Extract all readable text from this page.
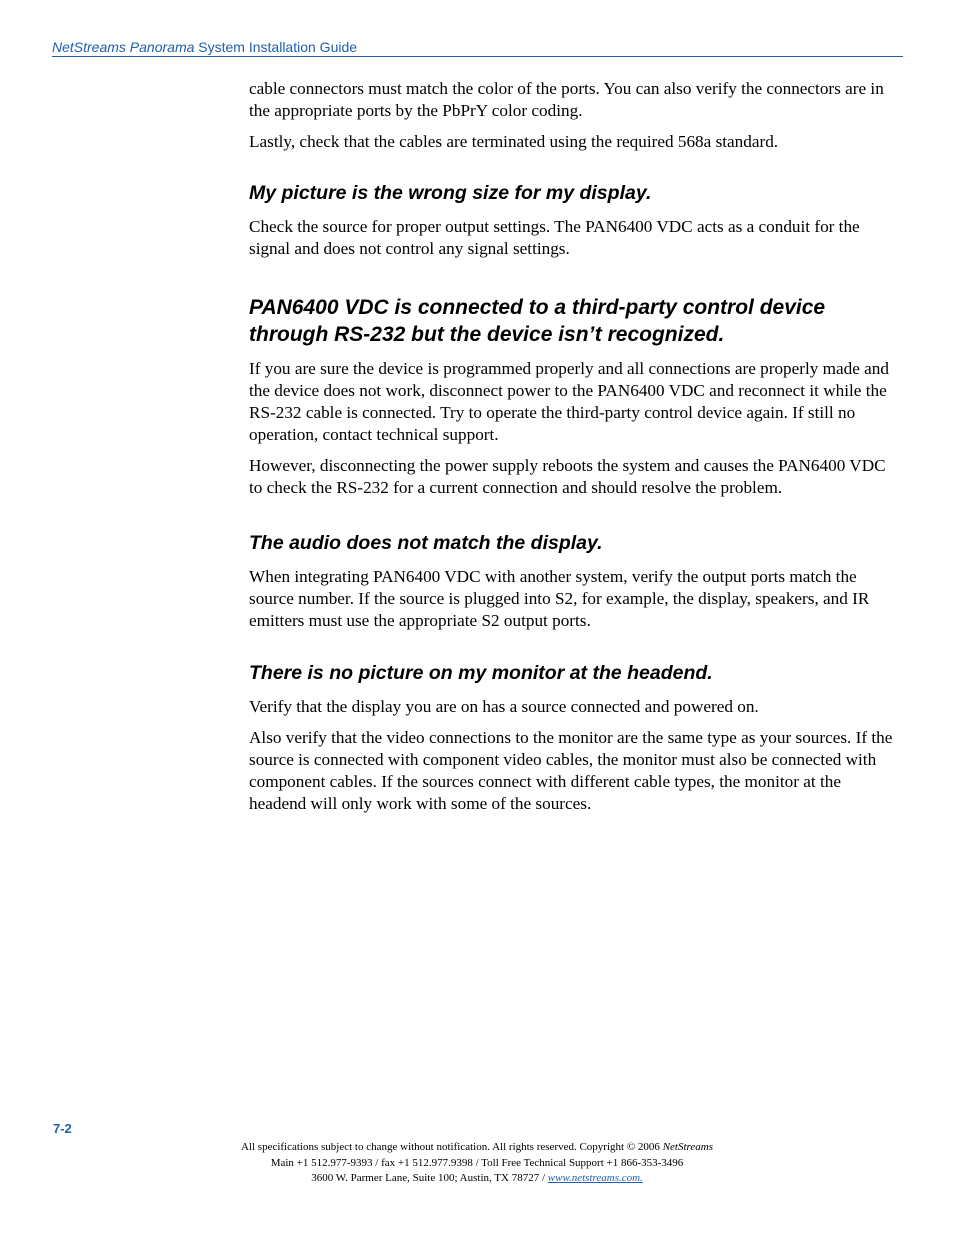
NetStreams Panorama System Installation Guide

cable connectors must match the color of the ports. You can also verify the connectors are in the appropriate ports by the PbPrY color coding.

Lastly, check that the cables are terminated using the required 568a standard.

My picture is the wrong size for my display.

Check the source for proper output settings. The PAN6400 VDC acts as a conduit for the signal and does not control any signal settings.

PAN6400 VDC is connected to a third-party control device through RS-232 but the device isn’t recognized.

If you are sure the device is programmed properly and all connections are properly made and the device does not work, disconnect power to the PAN6400 VDC and reconnect it while the RS-232 cable is connected. Try to operate the third-party control device again. If still no operation, contact technical support.

However, disconnecting the power supply reboots the system and causes the PAN6400 VDC to check the RS-232 for a current connection and should resolve the problem.

The audio does not match the display.

When integrating PAN6400 VDC with another system, verify the output ports match the source number. If the source is plugged into S2, for example, the display, speakers, and IR emitters must use the appropriate S2 output ports.

There is no picture on my monitor at the headend.

Verify that the display you are on has a source connected and powered on.

Also verify that the video connections to the monitor are the same type as your sources. If the source is connected with component video cables, the monitor must also be connected with component cables. If the sources connect with different cable types, the monitor at the headend will only work with some of the sources.

7-2
All specifications subject to change without notification. All rights reserved. Copyright © 2006 NetStreams
Main +1 512.977-9393 / fax +1 512.977.9398 / Toll Free Technical Support +1 866-353-3496
3600 W. Parmer Lane, Suite 100; Austin, TX 78727 / www.netstreams.com.
